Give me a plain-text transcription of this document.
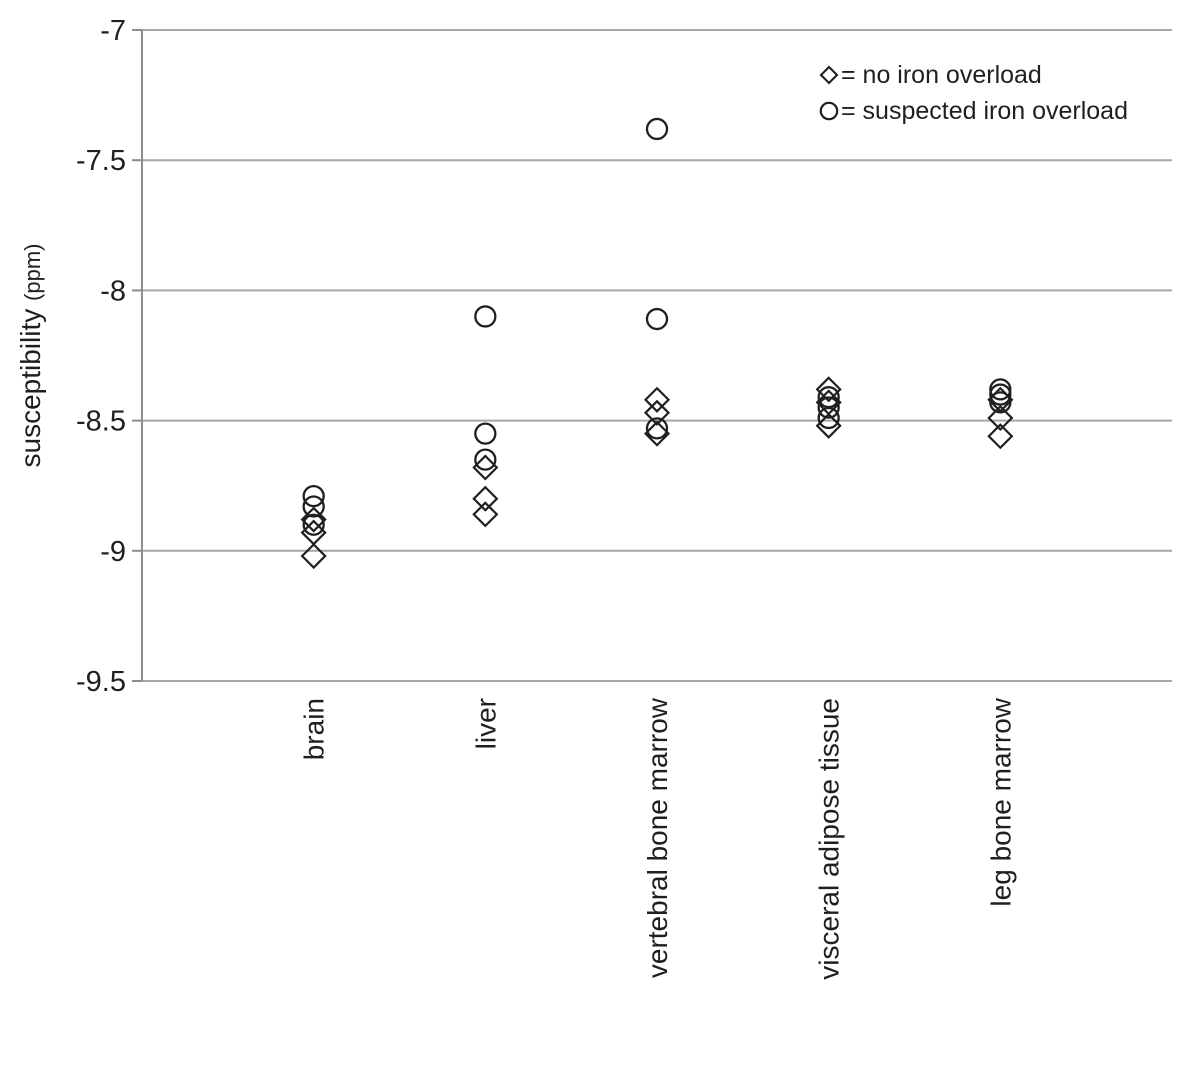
-7
-7.5
-8
-8.5
-9
-9.5
susceptibility (ppm)
brain	liver	vertebral bone marrow	visceral adipose tissue	leg bone marrow
= no iron overload
= suspected iron overload
